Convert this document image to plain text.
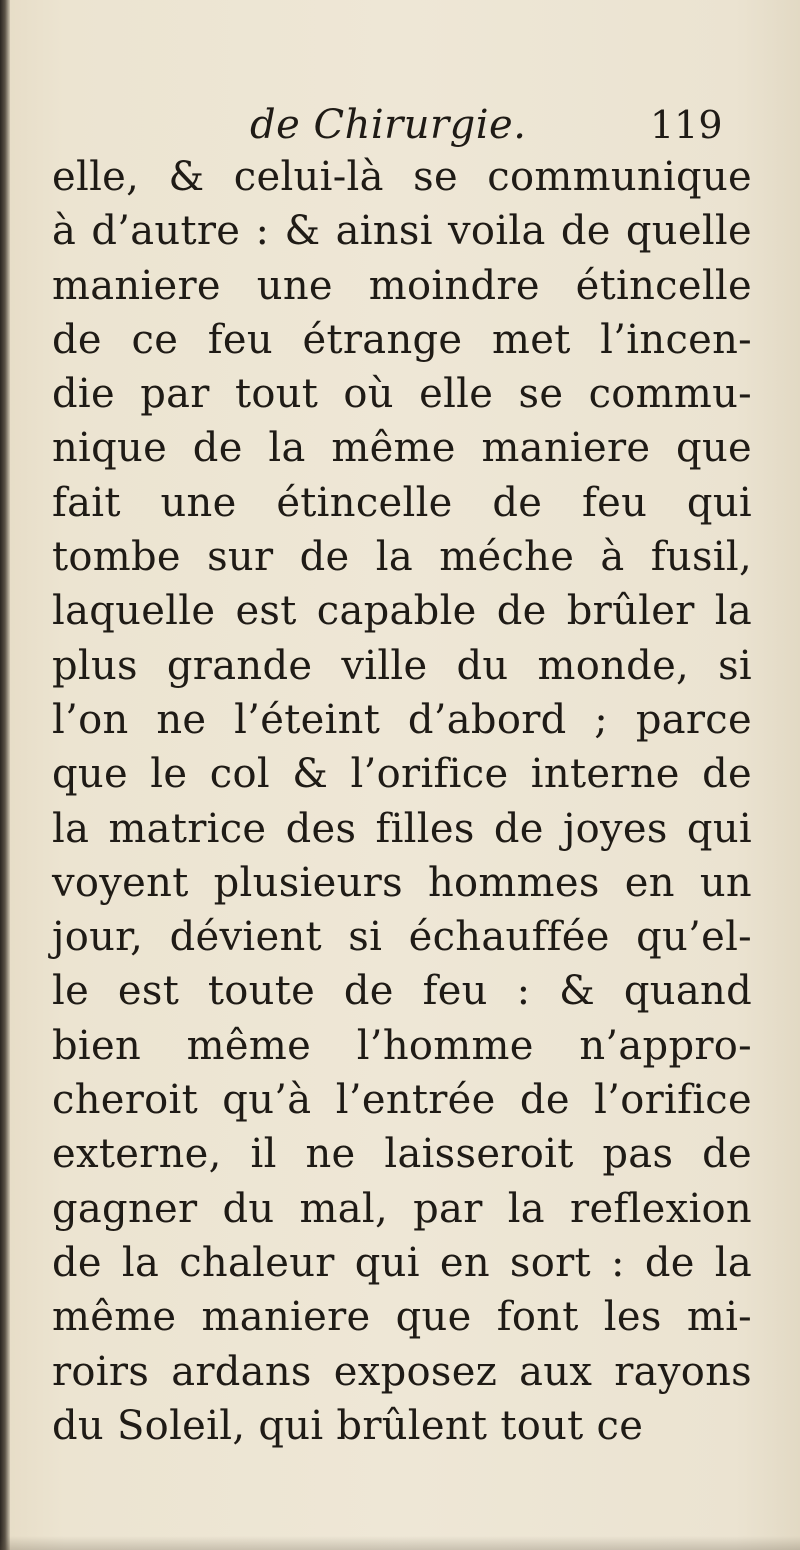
de Chirurgie.	119
elle, & celui-là se communique
à d’autre : & ainsi voila de quelle
maniere une moindre étincelle
de ce feu étrange met l’incen-
die par tout où elle se commu-
nique de la même maniere que
fait une étincelle de feu qui
tombe sur de la méche à fusil,
laquelle est capable de brûler la
plus grande ville du monde, si
l’on ne l’éteint d’abord ; parce
que le col & l’orifice interne de
la matrice des filles de joyes qui
voyent plusieurs hommes en un
jour, dévient si échauffée qu’el-
le est toute de feu : & quand
bien même l’homme n’appro-
cheroit qu’à l’entrée de l’orifice
externe, il ne laisseroit pas de
gagner du mal, par la reflexion
de la chaleur qui en sort : de la
même maniere que font les mi-
roirs ardans exposez aux rayons
du Soleil, qui brûlent tout ce
